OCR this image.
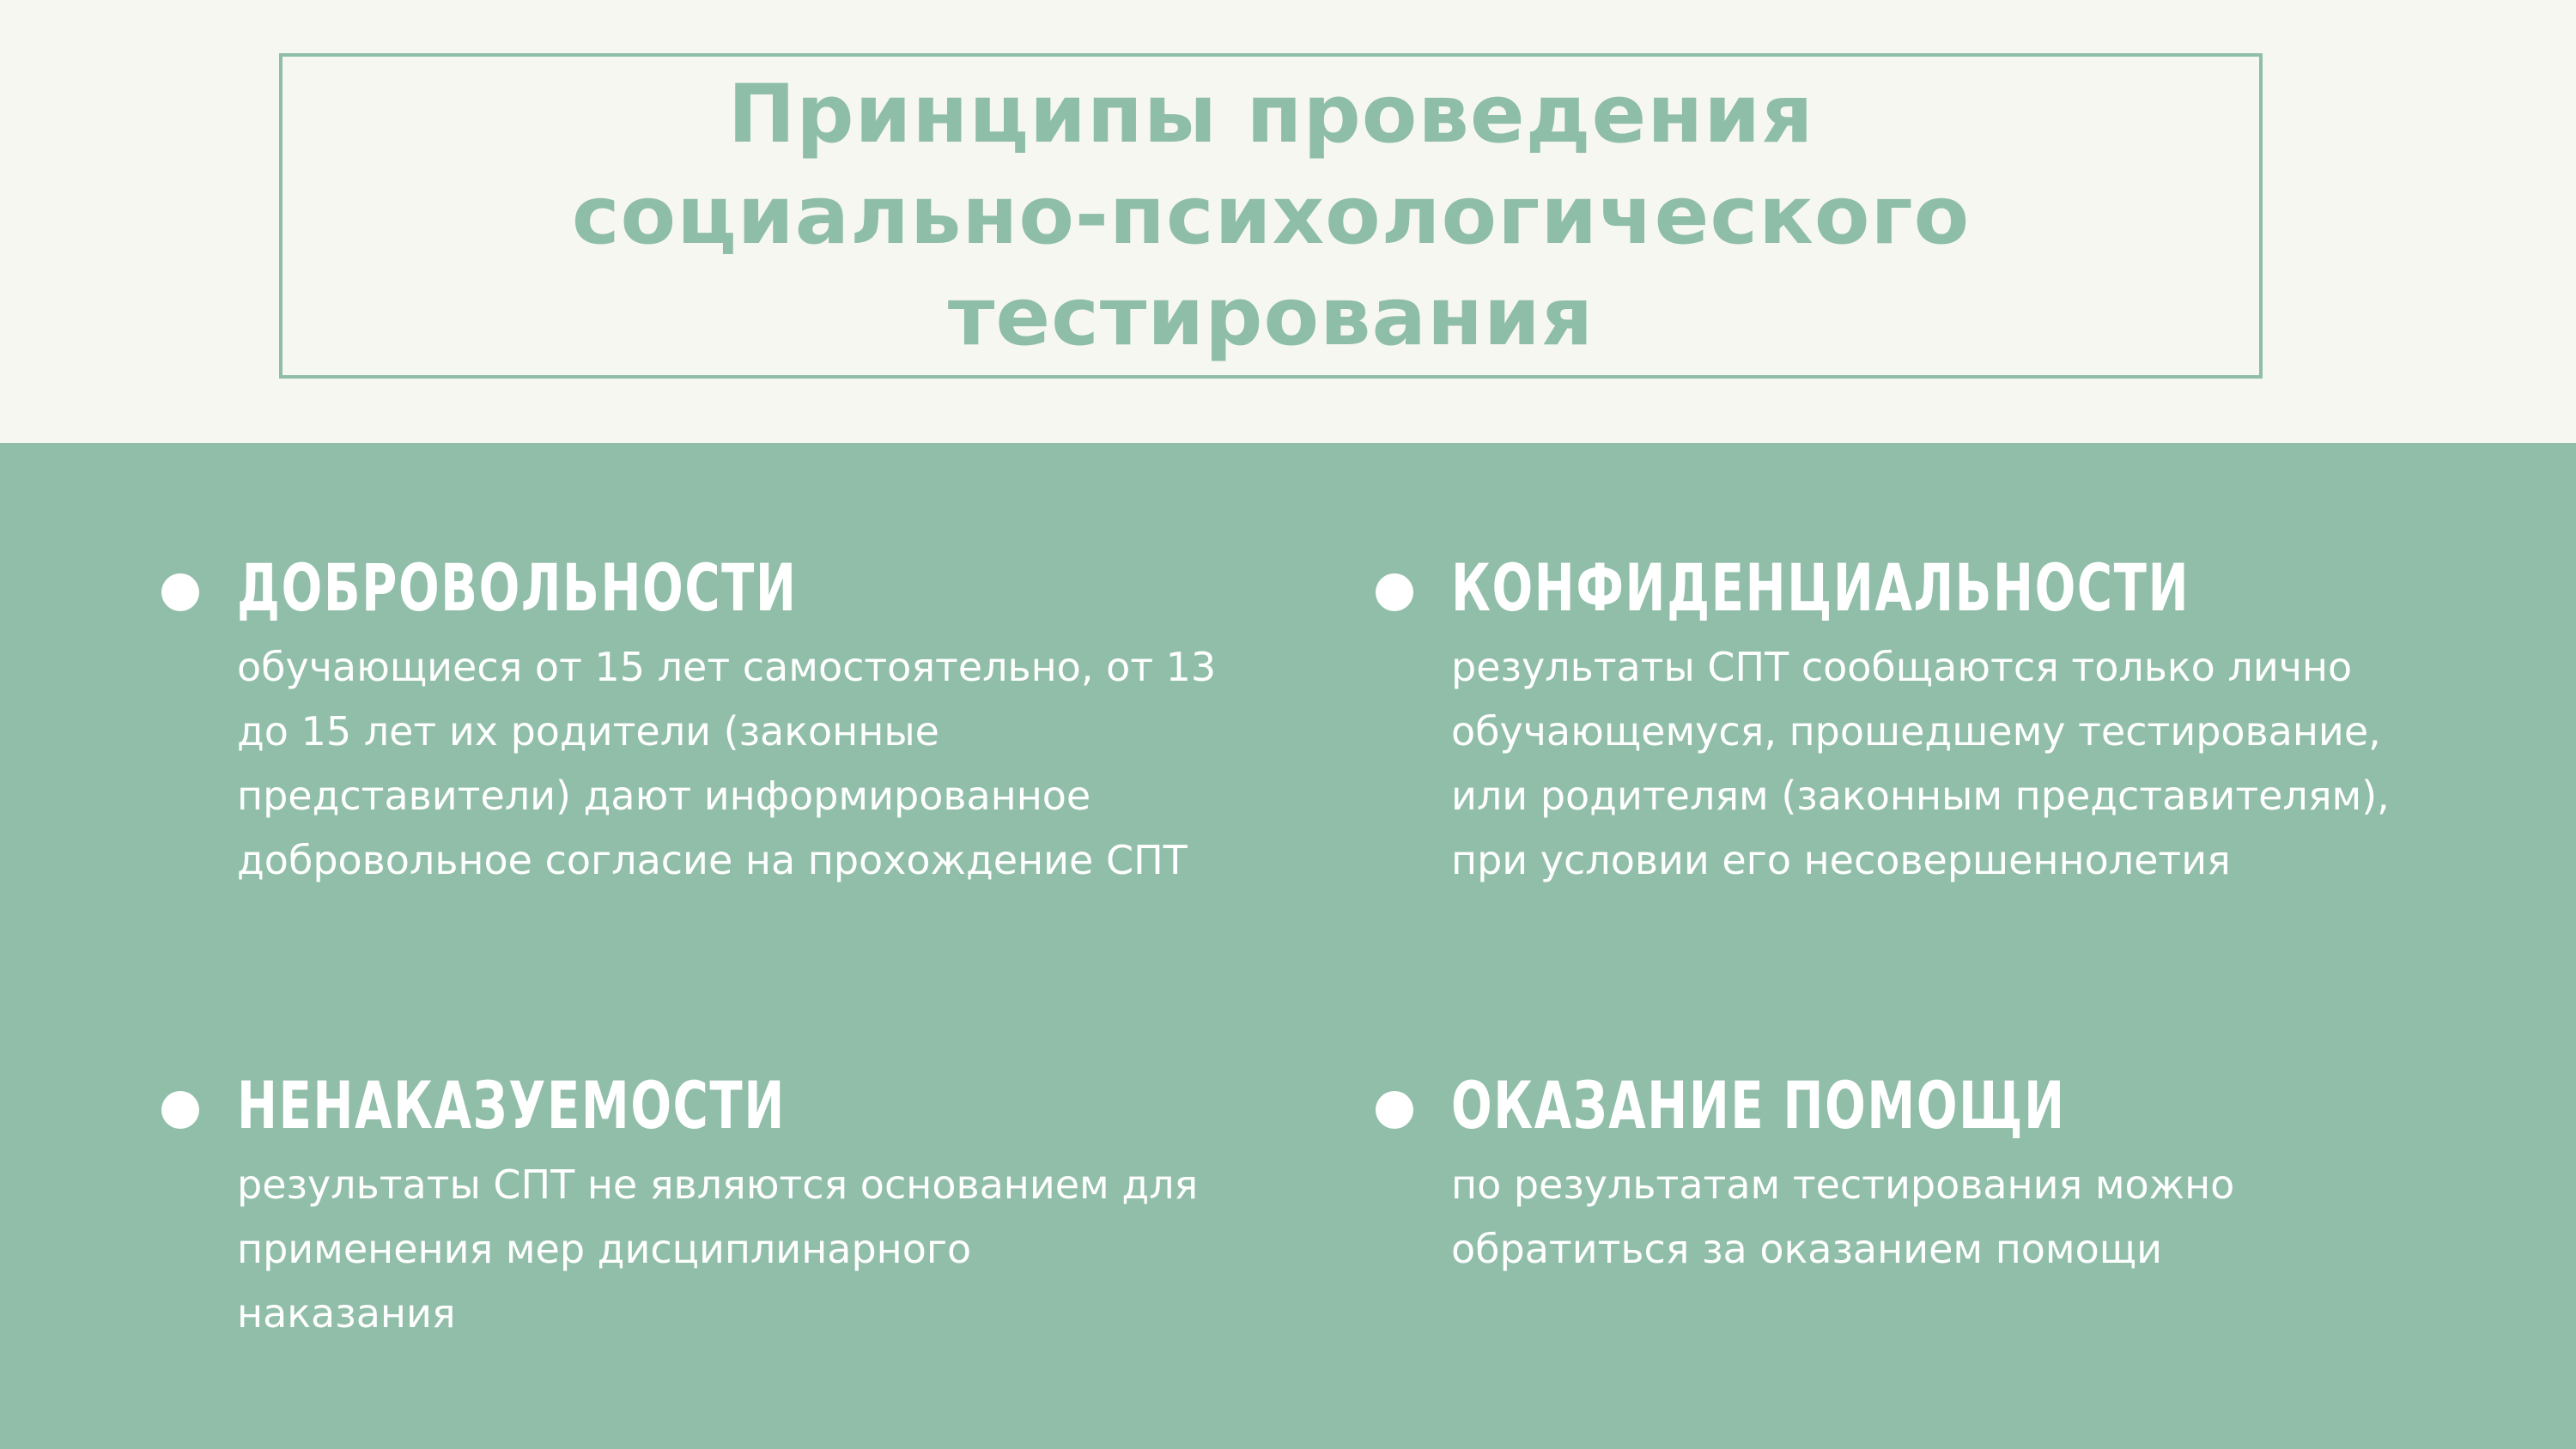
Принципы проведения социально-психологического тестирования
ДОБРОВОЛЬНОСТИ

обучающиеся от 15 лет самостоятельно, от 13
до 15 лет их родители (законные
представители) дают информированное
добровольное согласие на прохождение СПТ

КОНФИДЕНЦИАЛЬНОСТИ

результаты СПТ сообщаются только лично
обучающемуся, прошедшему тестирование,
или родителям (законным представителям),
при условии его несовершеннолетия

НЕНАКАЗУЕМОСТИ

результаты СПТ не являются основанием для
применения мер дисциплинарного
наказания

ОКАЗАНИЕ ПОМОЩИ

по результатам тестирования можно
обратиться за оказанием помощи
